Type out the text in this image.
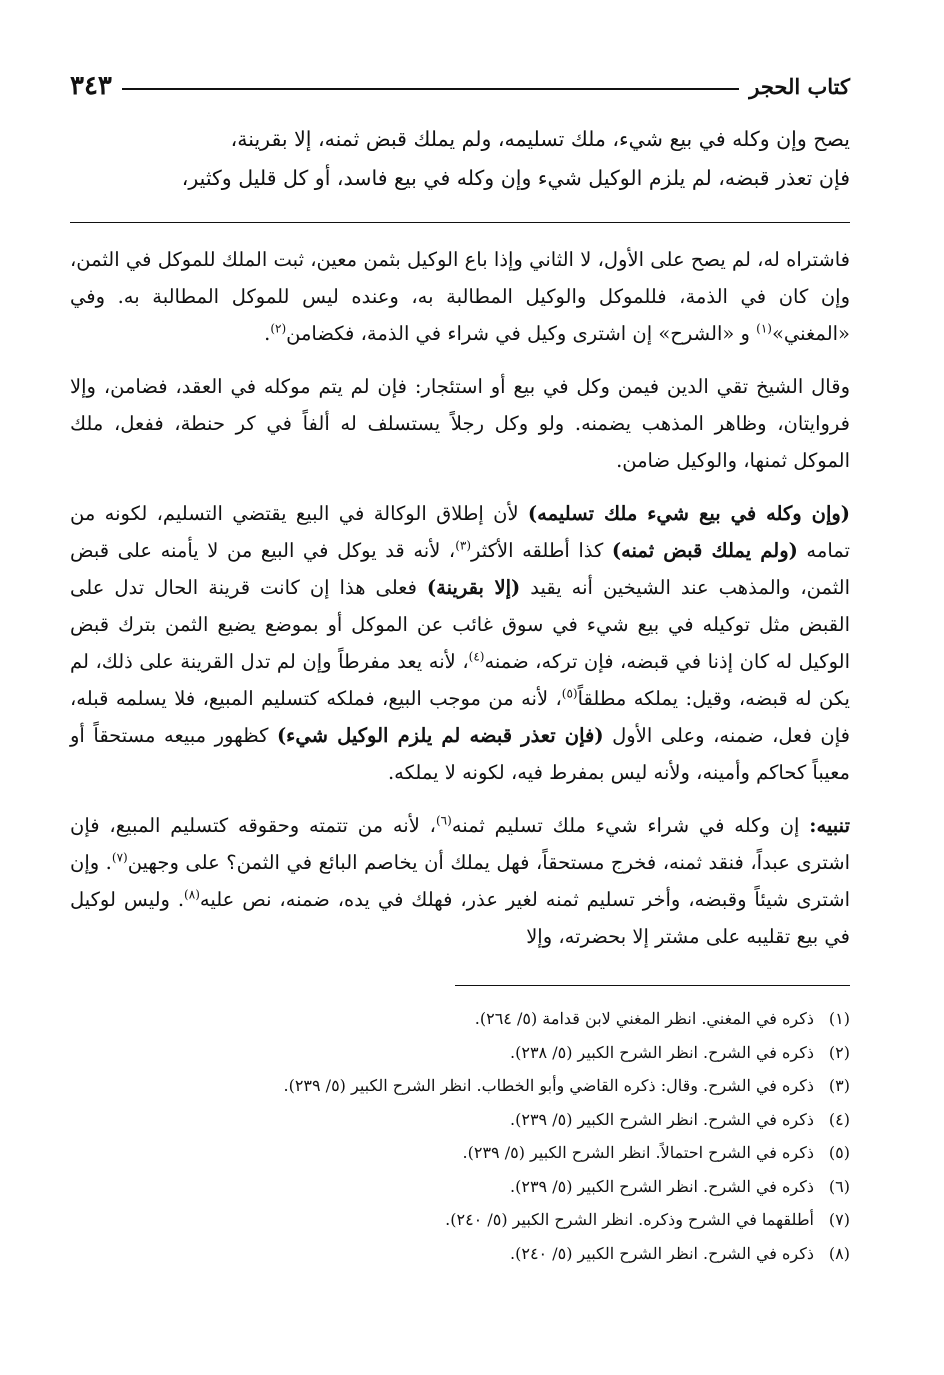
كتاب الحجر
٣٤٣
يصح وإن وكله في بيع شيء، ملك تسليمه، ولم يملك قبض ثمنه، إلا بقرينة،
فإن تعذر قبضه، لم يلزم الوكيل شيء وإن وكله في بيع فاسد، أو كل قليل وكثير،

فاشتراه له، لم يصح على الأول، لا الثاني وإذا باع الوكيل بثمن معين، ثبت الملك للموكل في الثمن، وإن كان في الذمة، فللموكل والوكيل المطالبة به، وعنده ليس للموكل المطالبة به. وفي «المغني»$^{(١)}$ و «الشرح» إن اشترى وكيل في شراء في الذمة، فكضامن$^{(٢)}$.

وقال الشيخ تقي الدين فيمن وكل في بيع أو استئجار: فإن لم يتم موكله في العقد، فضامن، وإلا فروايتان، وظاهر المذهب يضمنه. ولو وكل رجلاً يستسلف له ألفاً في كر حنطة، ففعل، ملك الموكل ثمنها، والوكيل ضامن.

(وإن وكله في بيع شيء ملك تسليمه) لأن إطلاق الوكالة في البيع يقتضي التسليم، لكونه من تمامه (ولم يملك قبض ثمنه) كذا أطلقه الأكثر$^{(٣)}$، لأنه قد يوكل في البيع من لا يأمنه على قبض الثمن، والمذهب عند الشيخين أنه يقيد (إلا بقرينة) فعلى هذا إن كانت قرينة الحال تدل على القبض مثل توكيله في بيع شيء في سوق غائب عن الموكل أو بموضع يضيع الثمن بترك قبض الوكيل له كان إذنا في قبضه، فإن تركه، ضمنه$^{(٤)}$، لأنه يعد مفرطاً وإن لم تدل القرينة على ذلك، لم يكن له قبضه، وقيل: يملكه مطلقاً$^{(٥)}$، لأنه من موجب البيع، فملكه كتسليم المبيع، فلا يسلمه قبله، فإن فعل، ضمنه، وعلى الأول (فإن تعذر قبضه لم يلزم الوكيل شيء) كظهور مبيعه مستحقاً أو معيباً كحاكم وأمينه، ولأنه ليس بمفرط فيه، لكونه لا يملكه.

تنبيه: إن وكله في شراء شيء ملك تسليم ثمنه$^{(٦)}$، لأنه من تتمته وحقوقه كتسليم المبيع، فإن اشترى عبداً، فنقد ثمنه، فخرج مستحقاً، فهل يملك أن يخاصم البائع في الثمن؟ على وجهين$^{(٧)}$. وإن اشترى شيئاً وقبضه، وأخر تسليم ثمنه لغير عذر، فهلك في يده، ضمنه، نص عليه$^{(٨)}$. وليس لوكيل في بيع تقليبه على مشتر إلا بحضرته، وإلا

(١)ذكره في المغني. انظر المغني لابن قدامة (٥/ ٢٦٤).
(٢)ذكره في الشرح. انظر الشرح الكبير (٥/ ٢٣٨).
(٣)ذكره في الشرح. وقال: ذكره القاضي وأبو الخطاب. انظر الشرح الكبير (٥/ ٢٣٩).
(٤)ذكره في الشرح. انظر الشرح الكبير (٥/ ٢٣٩).
(٥)ذكره في الشرح احتمالاً. انظر الشرح الكبير (٥/ ٢٣٩).
(٦)ذكره في الشرح. انظر الشرح الكبير (٥/ ٢٣٩).
(٧)أطلقهما في الشرح وذكره. انظر الشرح الكبير (٥/ ٢٤٠).
(٨)ذكره في الشرح. انظر الشرح الكبير (٥/ ٢٤٠).
